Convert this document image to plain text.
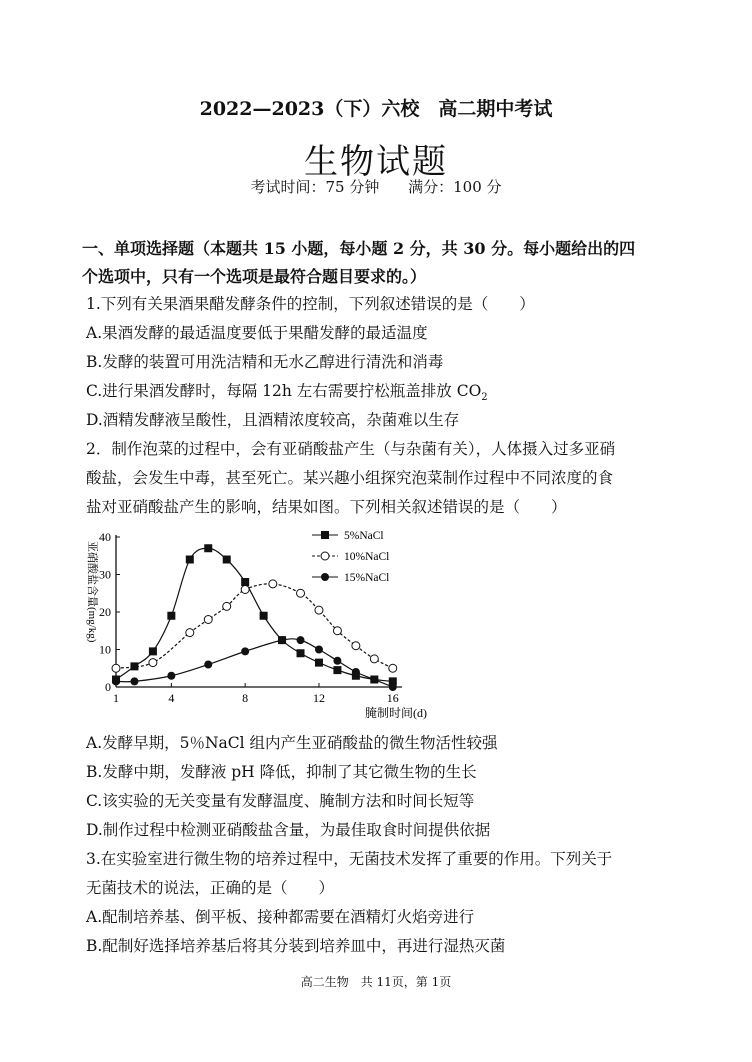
2022—2023（下）六校　高二期中考试
生物试题
考试时间：75 分钟 满分：100 分
一、单项选择题（本题共 15 小题，每小题 2 分，共 30 分。每小题给出的四
个选项中，只有一个选项是最符合题目要求的。）
1.下列有关果酒果醋发酵条件的控制，下列叙述错误的是（　　）
A.果酒发酵的最适温度要低于果醋发酵的最适温度
B.发酵的装置可用洗洁精和无水乙醇进行清洗和消毒
C.进行果酒发酵时，每隔 12h 左右需要拧松瓶盖排放 $CO_2$
D.酒精发酵液呈酸性，且酒精浓度较高，杂菌难以生存
2．制作泡菜的过程中，会有亚硝酸盐产生（与杂菌有关），人体摄入过多亚硝
酸盐，会发生中毒，甚至死亡。某兴趣小组探究泡菜制作过程中不同浓度的食
盐对亚硝酸盐产生的影响，结果如图。下列相关叙述错误的是（　　）
0
10
20
30
40
1	4	8	12	16
腌制时间(d)
亚硝酸盐含量(mg/kg)
5%NaCl
10%NaCl
15%NaCl
A.发酵早期，5％NaCl 组内产生亚硝酸盐的微生物活性较强
B.发酵中期，发酵液 pH 降低，抑制了其它微生物的生长
C.该实验的无关变量有发酵温度、腌制方法和时间长短等
D.制作过程中检测亚硝酸盐含量，为最佳取食时间提供依据
3.在实验室进行微生物的培养过程中，无菌技术发挥了重要的作用。下列关于
无菌技术的说法，正确的是（　　）
A.配制培养基、倒平板、接种都需要在酒精灯火焰旁进行
B.配制好选择培养基后将其分装到培养皿中，再进行湿热灭菌
高二生物　共 11页，第 1页
